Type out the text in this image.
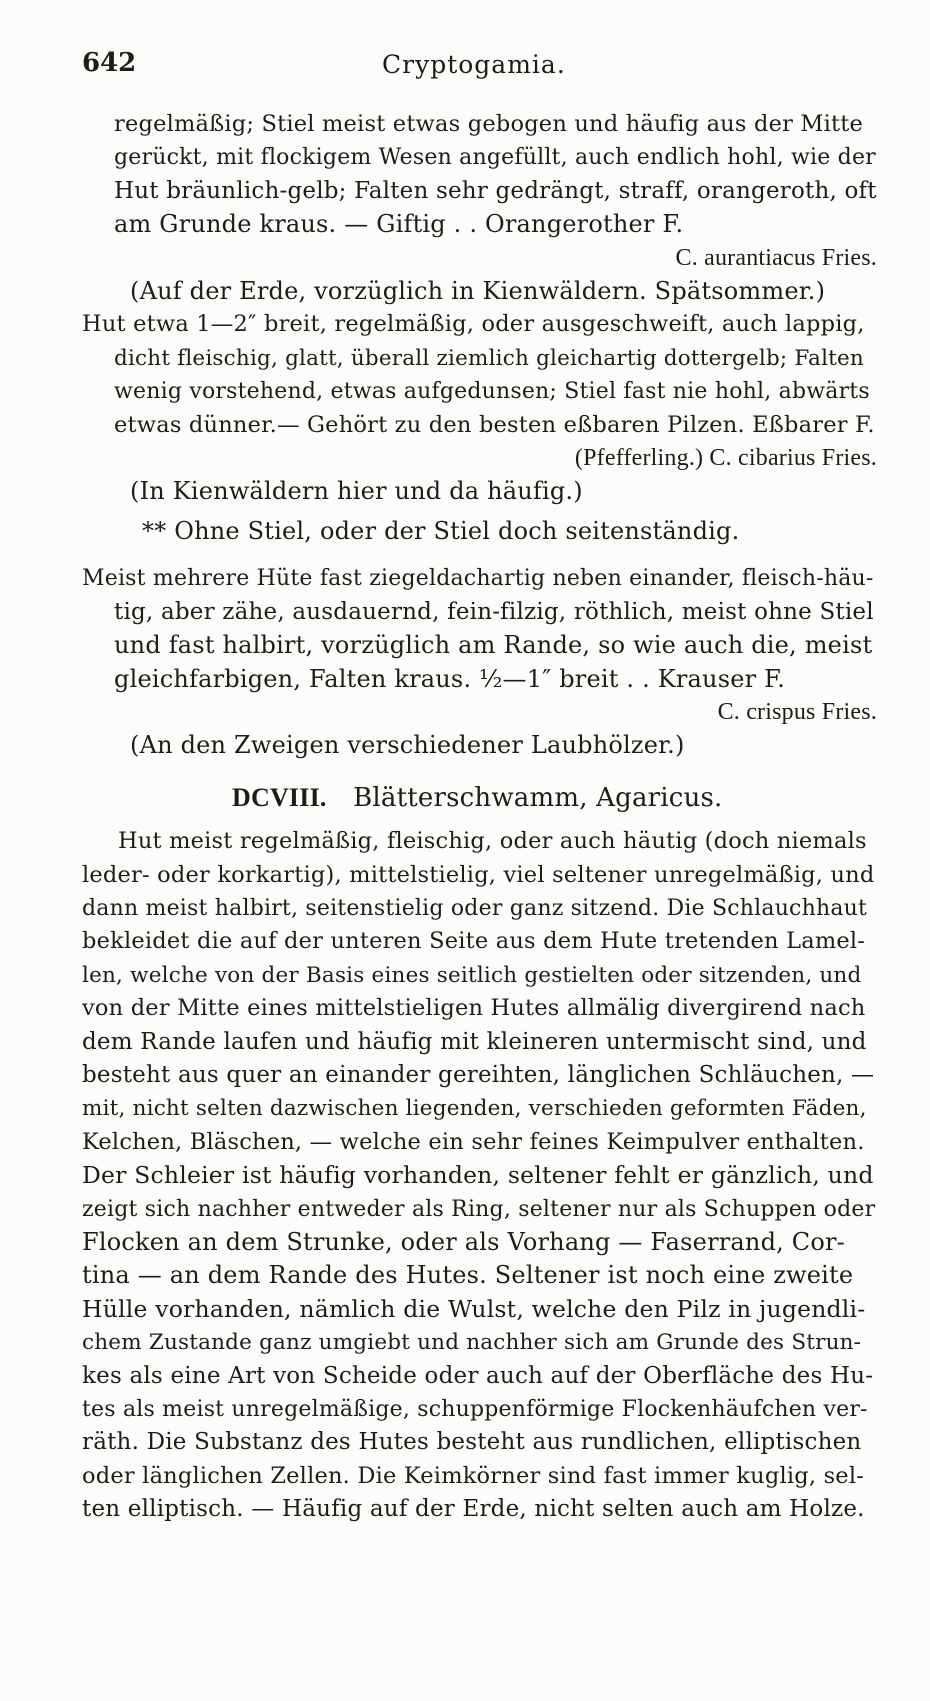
642	Cryptogamia.
regelmäßig; Stiel meist etwas gebogen und häufig aus der Mitte
gerückt, mit flockigem Wesen angefüllt, auch endlich hohl, wie der
Hut bräunlich-gelb; Falten sehr gedrängt, straff, orangeroth, oft
am Grunde kraus. — Giftig . . Orangerother F.
C. aurantiacus Fries.
(Auf der Erde, vorzüglich in Kienwäldern. Spätsommer.)
Hut etwa 1—2″ breit, regelmäßig, oder ausgeschweift, auch lappig,
dicht fleischig, glatt, überall ziemlich gleichartig dottergelb; Falten
wenig vorstehend, etwas aufgedunsen; Stiel fast nie hohl, abwärts
etwas dünner.— Gehört zu den besten eßbaren Pilzen. Eßbarer F.
(Pfefferling.) C. cibarius Fries.
(In Kienwäldern hier und da häufig.)
** Ohne Stiel, oder der Stiel doch seitenständig.
Meist mehrere Hüte fast ziegeldachartig neben einander, fleisch-häu-
tig, aber zähe, ausdauernd, fein-filzig, röthlich, meist ohne Stiel
und fast halbirt, vorzüglich am Rande, so wie auch die, meist
gleichfarbigen, Falten kraus. ½—1″ breit . . Krauser F.
C. crispus Fries.
(An den Zweigen verschiedener Laubhölzer.)
DCVIII. Blätterschwamm, Agaricus.
Hut meist regelmäßig, fleischig, oder auch häutig (doch niemals
leder- oder korkartig), mittelstielig, viel seltener unregelmäßig, und
dann meist halbirt, seitenstielig oder ganz sitzend. Die Schlauchhaut
bekleidet die auf der unteren Seite aus dem Hute tretenden Lamel-
len, welche von der Basis eines seitlich gestielten oder sitzenden, und
von der Mitte eines mittelstieligen Hutes allmälig divergirend nach
dem Rande laufen und häufig mit kleineren untermischt sind, und
besteht aus quer an einander gereihten, länglichen Schläuchen, —
mit, nicht selten dazwischen liegenden, verschieden geformten Fäden,
Kelchen, Bläschen, — welche ein sehr feines Keimpulver enthalten.
Der Schleier ist häufig vorhanden, seltener fehlt er gänzlich, und
zeigt sich nachher entweder als Ring, seltener nur als Schuppen oder
Flocken an dem Strunke, oder als Vorhang — Faserrand, Cor-
tina — an dem Rande des Hutes. Seltener ist noch eine zweite
Hülle vorhanden, nämlich die Wulst, welche den Pilz in jugendli-
chem Zustande ganz umgiebt und nachher sich am Grunde des Strun-
kes als eine Art von Scheide oder auch auf der Oberfläche des Hu-
tes als meist unregelmäßige, schuppenförmige Flockenhäufchen ver-
räth. Die Substanz des Hutes besteht aus rundlichen, elliptischen
oder länglichen Zellen. Die Keimkörner sind fast immer kuglig, sel-
ten elliptisch. — Häufig auf der Erde, nicht selten auch am Holze.
